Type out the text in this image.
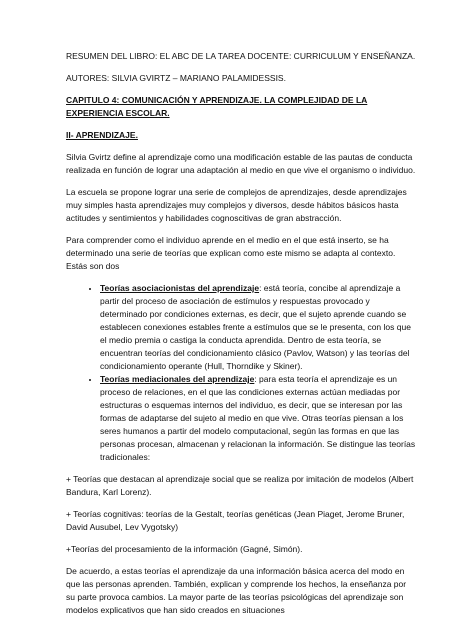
RESUMEN DEL LIBRO: EL ABC DE LA TAREA DOCENTE: CURRICULUM Y ENSEÑANZA.

AUTORES: SILVIA GVIRTZ – MARIANO PALAMIDESSIS.

CAPITULO 4: COMUNICACIÓN Y APRENDIZAJE. LA COMPLEJIDAD DE LA EXPERIENCIA ESCOLAR.

II- APRENDIZAJE.

Silvia Gvirtz define al aprendizaje como una modificación estable de las pautas de conducta realizada en función de lograr una adaptación al medio en que vive el organismo o individuo.

La escuela se propone lograr una serie de complejos de aprendizajes, desde aprendizajes muy simples hasta aprendizajes muy complejos y diversos, desde hábitos básicos hasta actitudes y sentimientos y habilidades cognoscitivas de gran abstracción.

Para comprender como el individuo aprende en el medio en el que está inserto, se ha determinado una serie de teorías que explican como este mismo se adapta al contexto. Estás son dos

• Teorías asociacionistas del aprendizaje: está teoría, concibe al aprendizaje a partir del proceso de asociación de estímulos y respuestas provocado y determinado por condiciones externas, es decir, que el sujeto aprende cuando se establecen conexiones estables frente a estímulos que se le presenta, con los que el medio premia o castiga la conducta aprendida. Dentro de esta teoría, se encuentran teorías del condicionamiento clásico (Pavlov, Watson) y las teorías del condicionamiento operante (Hull, Thorndike y Skiner).
• Teorías mediacionales del aprendizaje: para esta teoría el aprendizaje es un proceso de relaciones, en el que las condiciones externas actúan mediadas por estructuras o esquemas internos del individuo, es decir, que se interesan por las formas de adaptarse del sujeto al medio en que vive. Otras teorías piensan a los seres humanos a partir del modelo computacional, según las formas en que las personas procesan, almacenan y relacionan la información. Se distingue las teorías tradicionales:

+ Teorías que destacan al aprendizaje social que se realiza por imitación de modelos (Albert Bandura, Karl Lorenz).

+ Teorías cognitivas: teorías de la Gestalt, teorías genéticas (Jean Piaget, Jerome Bruner, David Ausubel, Lev Vygotsky)

+Teorías del procesamiento de la información (Gagné, Simón).

De acuerdo, a estas teorías el aprendizaje da una información básica acerca del modo en que las personas aprenden. También, explican y comprende los hechos, la enseñanza por su parte provoca cambios. La mayor parte de las teorías psicológicas del aprendizaje son modelos explicativos que han sido creados en situaciones
